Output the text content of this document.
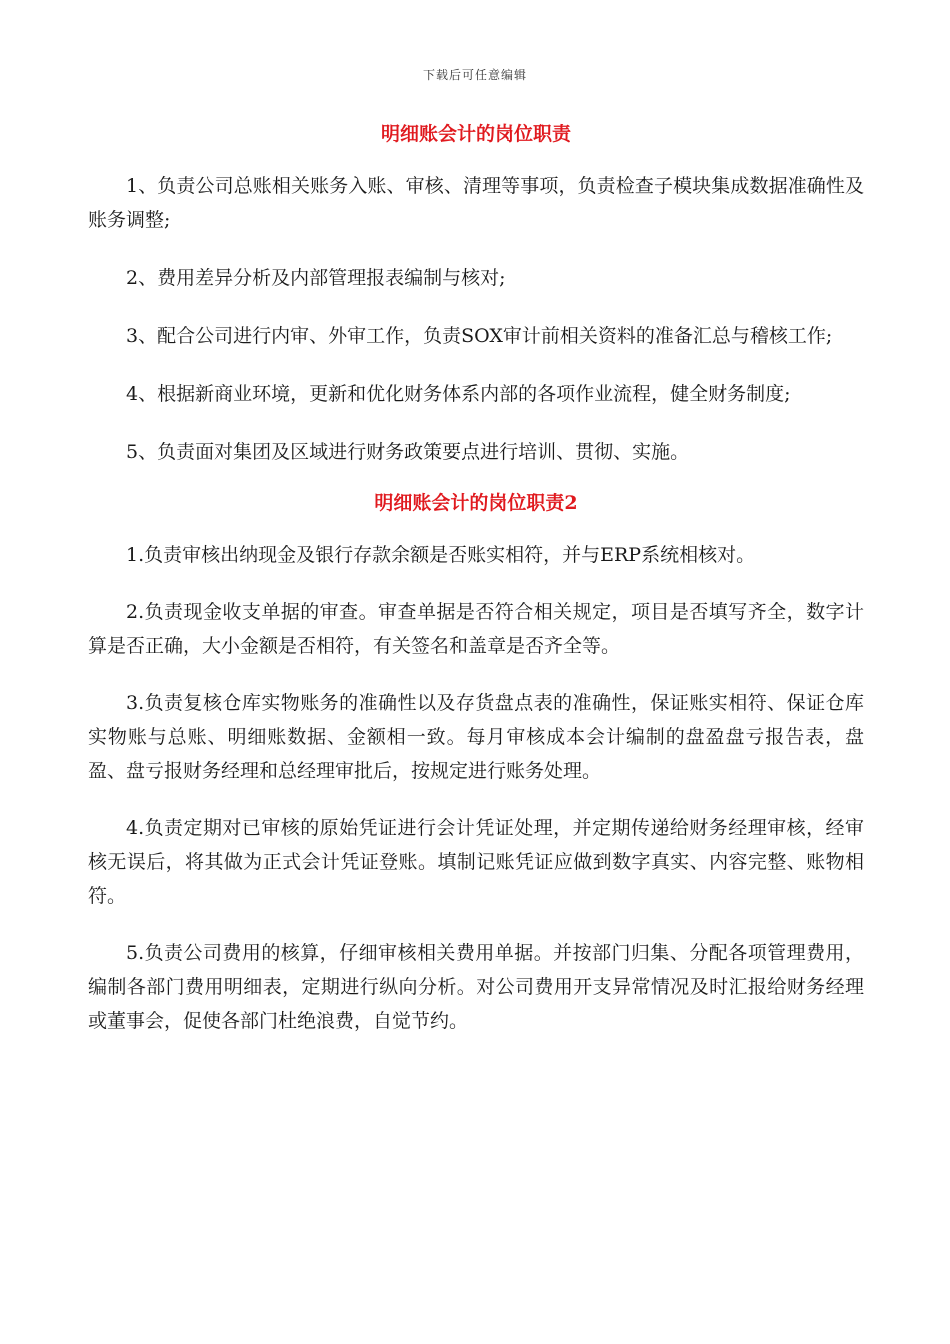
下载后可任意编辑
明细账会计的岗位职责

1、负责公司总账相关账务入账、审核、清理等事项，负责检查子模块集成数据准确性及账务调整;

2、费用差异分析及内部管理报表编制与核对;

3、配合公司进行内审、外审工作，负责SOX审计前相关资料的准备汇总与稽核工作;

4、根据新商业环境，更新和优化财务体系内部的各项作业流程，健全财务制度;

5、负责面对集团及区域进行财务政策要点进行培训、贯彻、实施。

明细账会计的岗位职责2

1.负责审核出纳现金及银行存款余额是否账实相符，并与ERP系统相核对。

2.负责现金收支单据的审查。审查单据是否符合相关规定，项目是否填写齐全，数字计算是否正确，大小金额是否相符，有关签名和盖章是否齐全等。

3.负责复核仓库实物账务的准确性以及存货盘点表的准确性，保证账实相符、保证仓库实物账与总账、明细账数据、金额相一致。每月审核成本会计编制的盘盈盘亏报告表，盘盈、盘亏报财务经理和总经理审批后，按规定进行账务处理。

4.负责定期对已审核的原始凭证进行会计凭证处理，并定期传递给财务经理审核，经审核无误后，将其做为正式会计凭证登账。填制记账凭证应做到数字真实、内容完整、账物相符。

5.负责公司费用的核算，仔细审核相关费用单据。并按部门归集、分配各项管理费用，编制各部门费用明细表，定期进行纵向分析。对公司费用开支异常情况及时汇报给财务经理或董事会，促使各部门杜绝浪费，自觉节约。
